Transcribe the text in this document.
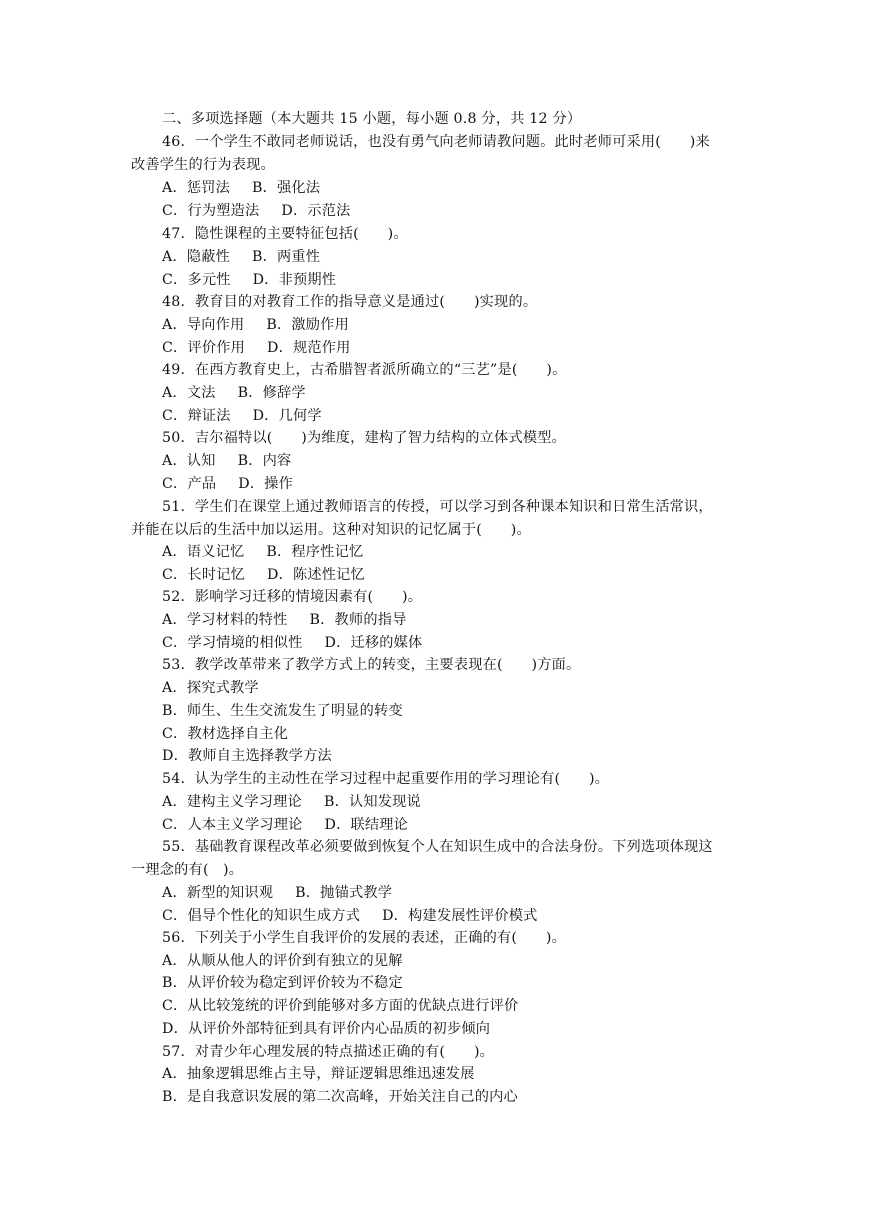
二、多项选择题（本大题共 15 小题，每小题 0.8 分，共 12 分）
46．一个学生不敢同老师说话，也没有勇气向老师请教问题。此时老师可采用(　　)来
改善学生的行为表现。
A．惩罚法 B．强化法
C．行为塑造法 D．示范法
47．隐性课程的主要特征包括(　　)。
A．隐蔽性 B．两重性
C．多元性 D．非预期性
48．教育目的对教育工作的指导意义是通过(　　)实现的。
A．导向作用 B．激励作用
C．评价作用 D．规范作用
49．在西方教育史上，古希腊智者派所确立的“三艺”是(　　)。
A．文法 B．修辞学
C．辩证法 D．几何学
50．吉尔福特以(　　)为维度，建构了智力结构的立体式模型。
A．认知 B．内容
C．产品 D．操作
51．学生们在课堂上通过教师语言的传授，可以学习到各种课本知识和日常生活常识，
并能在以后的生活中加以运用。这种对知识的记忆属于(　　)。
A．语义记忆 B．程序性记忆
C．长时记忆 D．陈述性记忆
52．影响学习迁移的情境因素有(　　)。
A．学习材料的特性 B．教师的指导
C．学习情境的相似性 D．迁移的媒体
53．教学改革带来了教学方式上的转变，主要表现在(　　)方面。
A．探究式教学
B．师生、生生交流发生了明显的转变
C．教材选择自主化
D．教师自主选择教学方法
54．认为学生的主动性在学习过程中起重要作用的学习理论有(　　)。
A．建构主义学习理论 B．认知发现说
C．人本主义学习理论 D．联结理论
55．基础教育课程改革必须要做到恢复个人在知识生成中的合法身份。下列选项体现这
一理念的有(　)。
A．新型的知识观 B．抛锚式教学
C．倡导个性化的知识生成方式 D．构建发展性评价模式
56．下列关于小学生自我评价的发展的表述，正确的有(　　)。
A．从顺从他人的评价到有独立的见解
B．从评价较为稳定到评价较为不稳定
C．从比较笼统的评价到能够对多方面的优缺点进行评价
D．从评价外部特征到具有评价内心品质的初步倾向
57．对青少年心理发展的特点描述正确的有(　　)。
A．抽象逻辑思维占主导，辩证逻辑思维迅速发展
B．是自我意识发展的第二次高峰，开始关注自己的内心
